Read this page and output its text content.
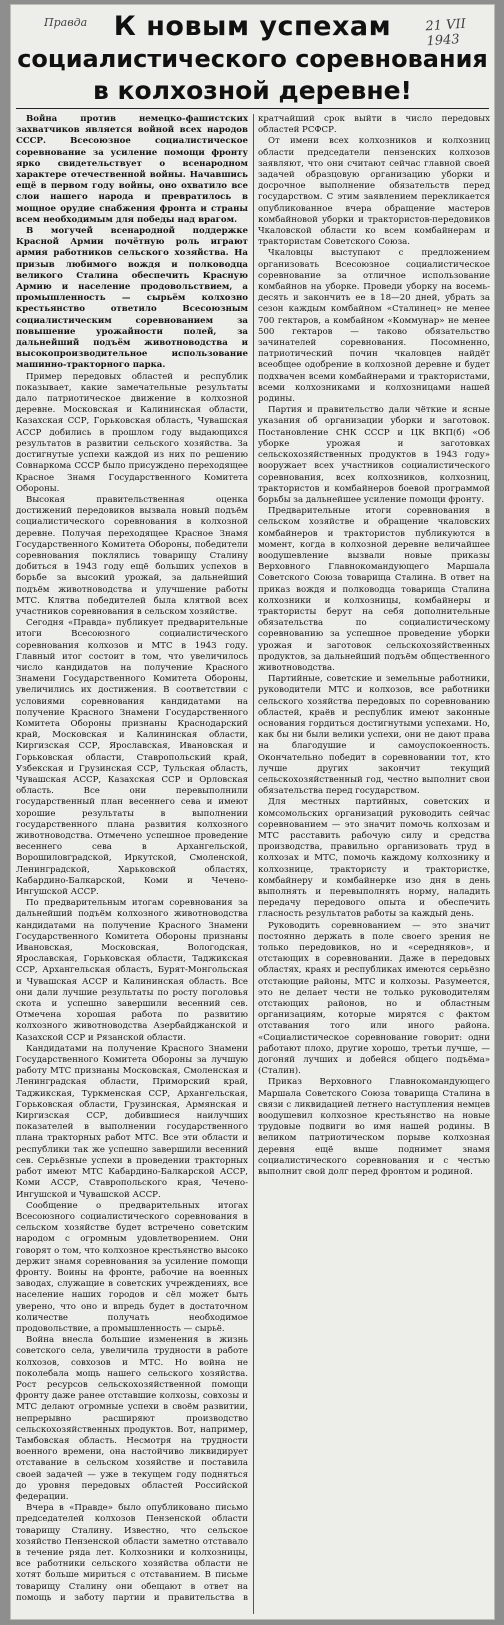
Правда	21 VII
1943
К новым успехам
социалистического соревнования
в колхозной деревне!

Война против немецко-фашистских захватчиков является войной всех народов СССР. Всесоюзное социалистическое соревнование за усиление помощи фронту ярко свидетельствует о всенародном характере отечественной войны. Начавшись ещё в первом году войны, оно охватило все слои нашего народа и превратилось в мощное орудие снабжения фронта и страны всем необходимым для победы над врагом.

В могучей всенародной поддержке Красной Армии почётную роль играют армия работников сельского хозяйства. На призыв любимого вождя и полководца великого Сталина обеспечить Красную Армию и население продовольствием, а промышленность — сырьём колхозно крестьянство ответило Всесоюзным социалистическим соревнованием за повышение урожайности полей, за дальнейший подъём животноводства и высокопроизводительное использование машинно-тракторного парка.

Пример передовых областей и республик показывает, какие замечательные результаты дало патриотическое движение в колхозной деревне. Московская и Калининская области, Казахская ССР, Горьковская область, Чувашская АССР добились в прошлом году выдающихся результатов в развитии сельского хозяйства. За достигнутые успехи каждой из них по решению Совнаркома СССР было присуждено переходящее Красное Знамя Государственного Комитета Обороны.

Высокая правительственная оценка достижений передовиков вызвала новый подъём социалистического соревнования в колхозной деревне. Получая переходящее Красное Знамя Государственного Комитета Обороны, победители соревнования поклялись товарищу Сталину добиться в 1943 году ещё больших успехов в борьбе за высокий урожай, за дальнейший подъём животноводства и улучшение работы МТС. Клятва победителей была клятвой всех участников соревнования в сельском хозяйстве.

Сегодня «Правда» публикует предварительные итоги Всесоюзного социалистического соревнования колхозов и МТС в 1943 году. Главный итог состоит в том, что увеличилось число кандидатов на получение Красного Знамени Государственного Комитета Обороны, увеличились их достижения. В соответствии с условиями соревнования кандидатами на получение Красного Знамени Государственного Комитета Обороны признаны Краснодарский край, Московская и Калининская области, Киргизская ССР, Ярославская, Ивановская и Горьковская области, Ставропольский край, Узбекская и Грузинская ССР, Тульская область, Чувашская АССР, Казахская ССР и Орловская область. Все они перевыполнили государственный план весеннего сева и имеют хорошие результаты в выполнении государственного плана развития колхозного животноводства. Отмечено успешное проведение весеннего сева в Архангельской, Ворошиловградской, Иркутской, Смоленской, Ленинградской, Харьковской областях, Кабардино-Балкарской, Коми и Чечено-Ингушской АССР.

По предварительным итогам соревнования за дальнейший подъём колхозного животноводства кандидатами на получение Красного Знамени Государственного Комитета Обороны признаны Ивановская, Московская, Вологодская, Ярославская, Горьковская области, Таджикская ССР, Архангельская область, Бурят-Монгольская и Чувашская АССР и Калининская область. Все они дали лучшие результаты по росту поголовья скота и успешно завершили весенний сев. Отмечена хорошая работа по развитию колхозного животноводства Азербайджанской и Казахской ССР и Рязанской области.

Кандидатами на получение Красного Знамени Государственного Комитета Обороны за лучшую работу МТС признаны Московская, Смоленская и Ленинградская области, Приморский край, Таджикская, Туркменская ССР, Архангельская, Горьковская области, Грузинская, Армянская и Киргизская ССР, добившиеся наилучших показателей в выполнении государственного плана тракторных работ МТС. Все эти области и республики так же успешно завершили весенний сев. Серьёзные успехи в проведении тракторных работ имеют МТС Кабардино-Балкарской АССР, Коми АССР, Ставропольского края, Чечено-Ингушской и Чувашской АССР.

Сообщение о предварительных итогах Всесоюзного социалистического соревнования в сельском хозяйстве будет встречено советским народом с огромным удовлетворением. Они говорят о том, что колхозное крестьянство высоко держит знамя соревнования за усиление помощи фронту. Воины на фронте, рабочие на военных заводах, служащие в советских учреждениях, все население наших городов и сёл может быть уверено, что оно и впредь будет в достаточном количестве получать необходимое продовольствие, а промышленность — сырьё.

Война внесла большие изменения в жизнь советского села, увеличила трудности в работе колхозов, совхозов и МТС. Но война не поколебала мощь нашего сельского хозяйства. Рост ресурсов сельскохозяйственной помощи фронту даже ранее отставшие колхозы, совхозы и МТС делают огромные успехи в своём развитии, непрерывно расширяют производство сельскохозяйственных продуктов. Вот, например, Тамбовская область. Несмотря на трудности военного времени, она настойчиво ликвидирует отставание в сельском хозяйстве и поставила своей задачей — уже в текущем году подняться до уровня передовых областей Российской федерации.

Вчера в «Правде» было опубликовано письмо председателей колхозов Пензенской области товарищу Сталину. Известно, что сельское хозяйство Пензенской области заметно отставало в течение ряда лет. Колхозники и колхозницы, все работники сельского хозяйства области не хотят больше мириться с отставанием. В письме товарищу Сталину они обещают в ответ на помощь и заботу партии и правительства в кратчайший срок выйти в число передовых областей РСФСР.

От имени всех колхозников и колхозниц области председатели пензенских колхозов заявляют, что они считают сейчас главной своей задачей образцовую организацию уборки и досрочное выполнение обязательств перед государством. С этим заявлением перекликается опубликованное вчера обращение мастеров комбайновой уборки и трактористов-передовиков Чкаловской области ко всем комбайнерам и трактористам Советского Союза.

Чкаловцы выступают с предложением организовать Всесоюзное социалистическое соревнование за отличное использование комбайнов на уборке. Проведи уборку на восемь-десять и закончить ее в 18—20 дней, убрать за сезон каждым комбайном «Сталинец» не менее 700 гектаров, а комбайном «Коммунар» не менее 500 гектаров — таково обязательство зачинателей соревнования. Посомненно, патриотический почин чкаловцев найдёт всеобщее одобрение в колхозной деревне и будет подхвачен всеми комбайнерами и трактористами, всеми колхозниками и колхозницами нашей родины.

Партия и правительство дали чёткие и ясные указания об организации уборки и заготовок. Постановление СНК СССР и ЦК ВКП(б) «Об уборке урожая и заготовках сельскохозяйственных продуктов в 1943 году» вооружает всех участников социалистического соревнования, всех колхозников, колхозниц, трактористов и комбайнеров боевой программой борьбы за дальнейшее усиление помощи фронту.

Предварительные итоги соревнования в сельском хозяйстве и обращение чкаловских комбайнеров и трактористов публикуются в момент, когда в колхозной деревне величайшее воодушевление вызвали новые приказы Верховного Главнокомандующего Маршала Советского Союза товарища Сталина. В ответ на приказ вождя и полководца товарища Сталина колхозники и колхозницы, комбайнеры и трактористы берут на себя дополнительные обязательства по социалистическому соревнованию за успешное проведение уборки урожая и заготовок сельскохозяйственных продуктов, за дальнейший подъём общественного животноводства.

Партийные, советские и земельные работники, руководители МТС и колхозов, все работники сельского хозяйства передовых по соревнованию областей, краёв и республик имеют законные основания гордиться достигнутыми успехами. Но, как бы ни были велики успехи, они не дают права на благодушие и самоуспокоенность. Окончательно победит в соревновании тот, кто лучше других закончит текущий сельскохозяйственный год, честно выполнит свои обязательства перед государством.

Для местных партийных, советских и комсомольских организаций руководить сейчас соревнованием — это значит помочь колхозам и МТС расставить рабочую силу и средства производства, правильно организовать труд в колхозах и МТС, помочь каждому колхознику и колхознице, трактористу и трактористке, комбайнеру и комбайнерке изо дня в день выполнять и перевыполнять норму, наладить передачу передового опыта и обеспечить гласность результатов работы за каждый день.

Руководить соревнованием — это значит постоянно держать в поле своего зрения не только передовиков, но и «середняков», и отстающих в соревновании. Даже в передовых областях, краях и республиках имеются серьёзно отстающие районы, МТС и колхозы. Разумеется, это не делает чести не только руководителям отстающих районов, но и областным организациям, которые мирятся с фактом отставания того или иного района. «Социалистическое соревнование говорит: одни работают плохо, другие хорошо, третьи лучше, — догоняй лучших и добейся общего подъёма» (Сталин).

Приказ Верховного Главнокомандующего Маршала Советского Союза товарища Сталина в связи с ликвидацией летнего наступления немцев воодушевил колхозное крестьянство на новые трудовые подвиги во имя нашей родины. В великом патриотическом порыве колхозная деревня ещё выше поднимет знамя социалистического соревнования и с честью выполнит свой долг перед фронтом и родиной.
